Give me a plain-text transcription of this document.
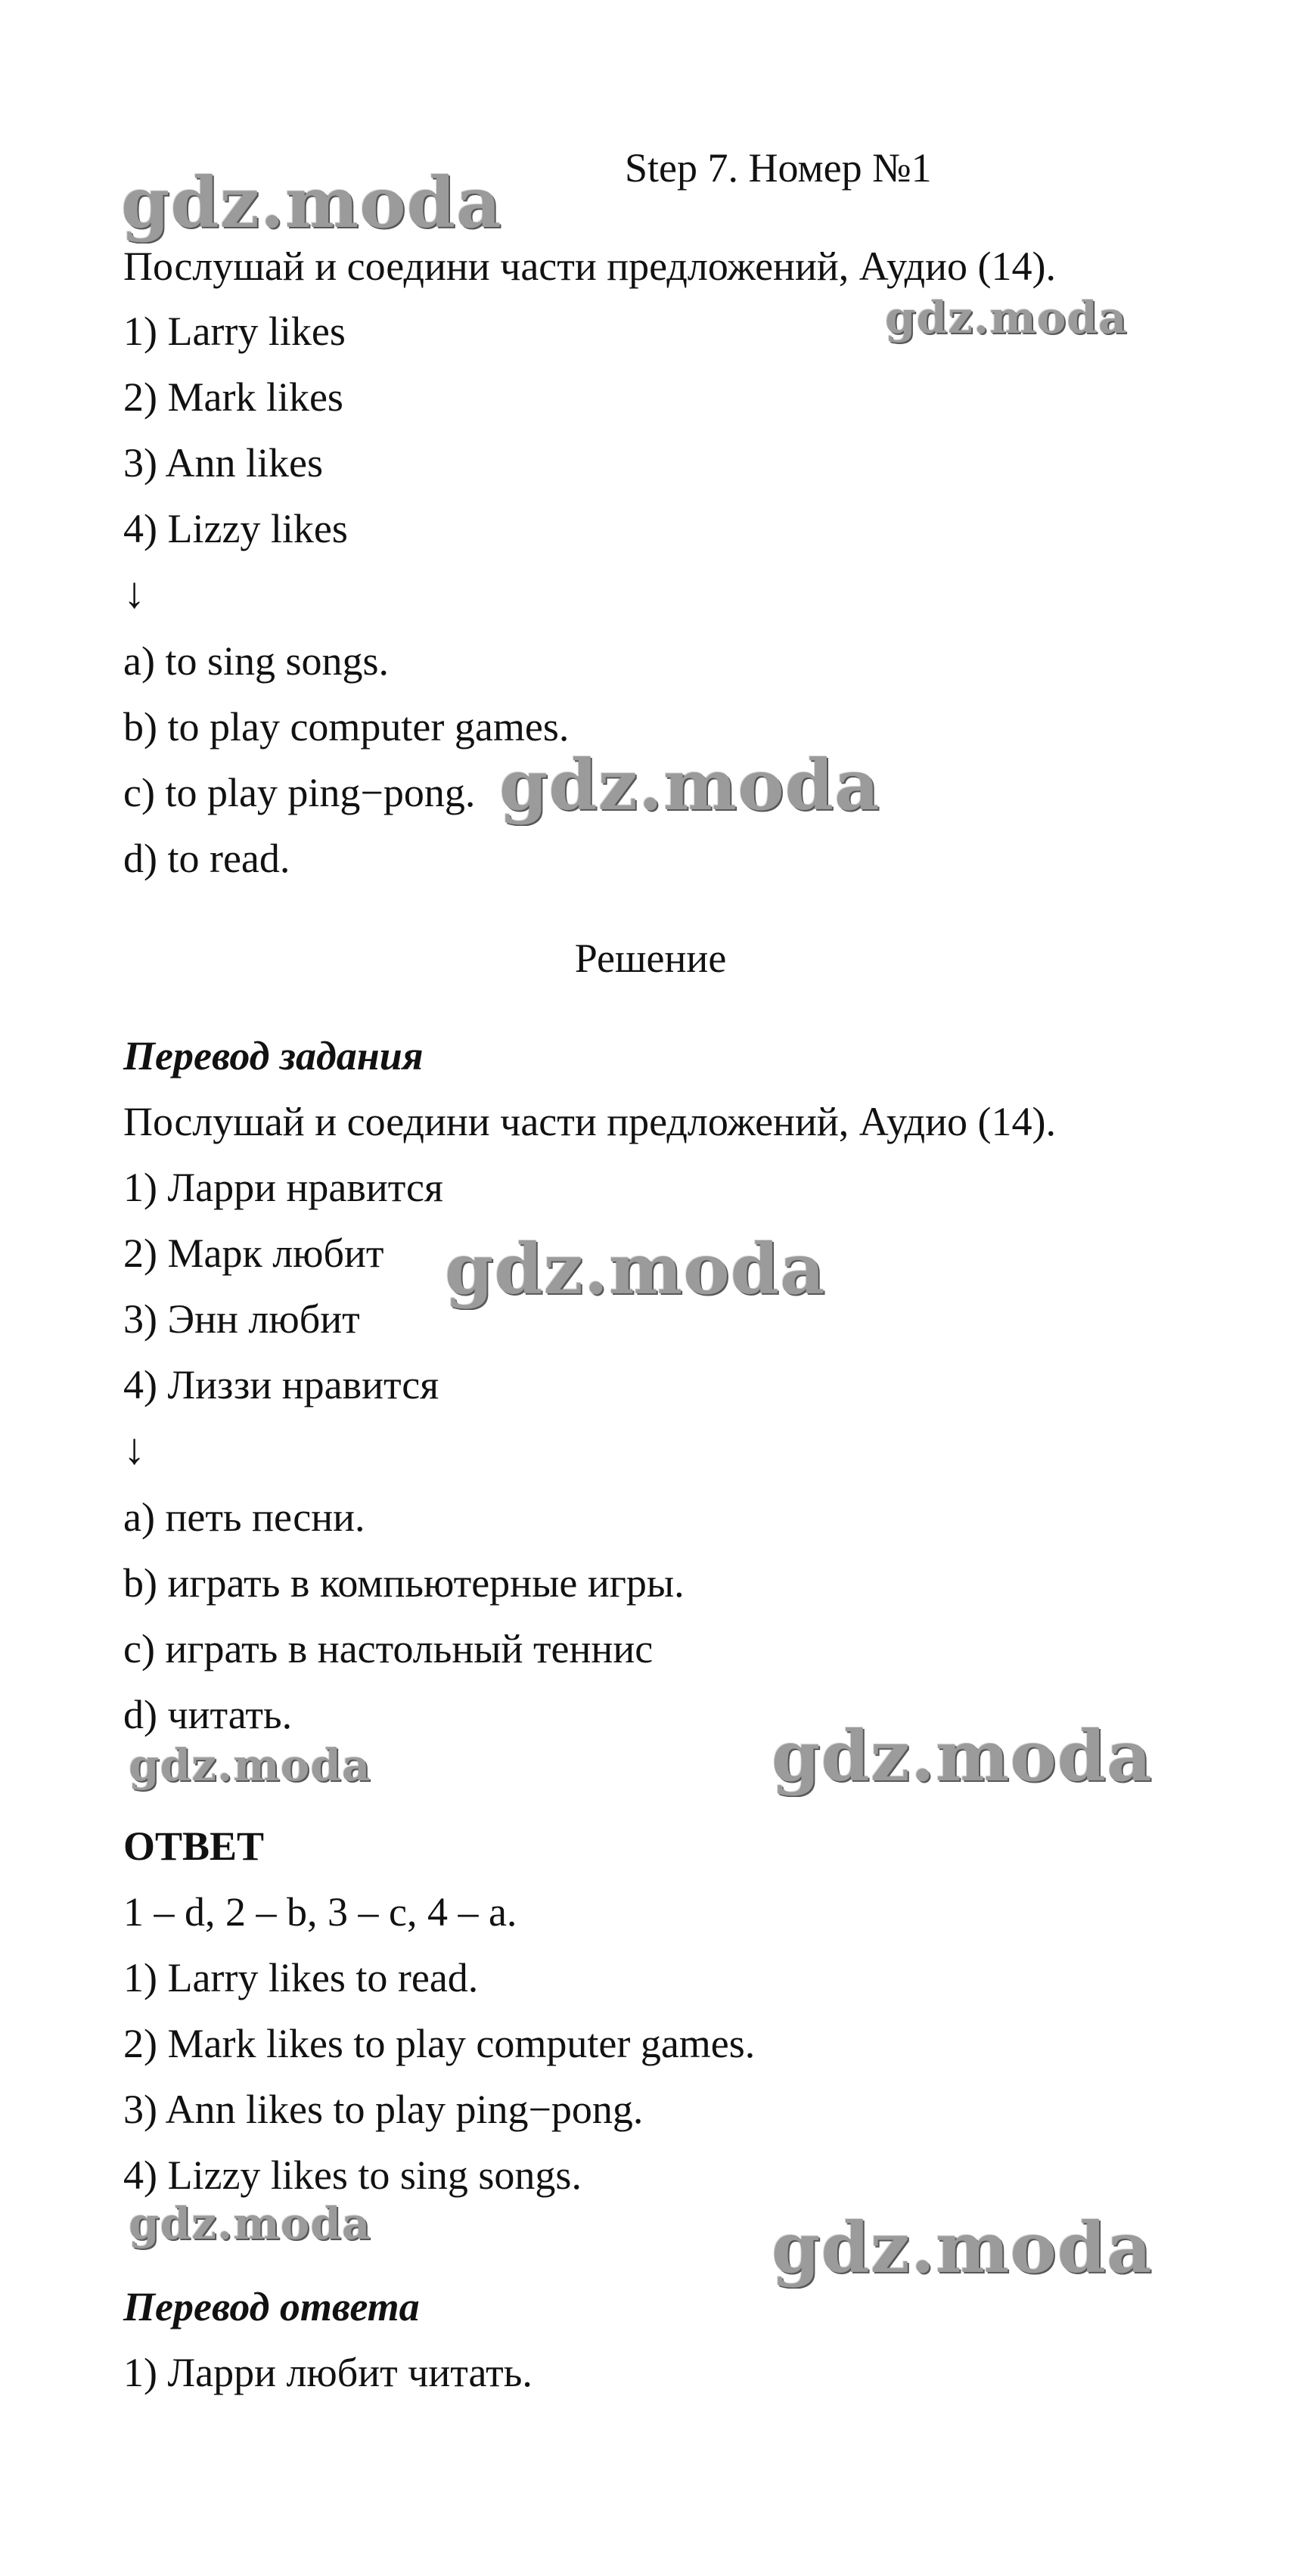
gdz.moda

gdz.moda

gdz.moda

gdz.moda

gdz.moda	gdz.moda

gdz.moda	gdz.moda

Step 7. Номер №1

Послушай и соедини части предложений, Аудио (14).

1) Larry likes

2) Mark likes

3) Ann likes

4) Lizzy likes

↓

a) to sing songs.

b) to play computer games.

c) to play ping−pong.

d) to read.

Решение

Перевод задания

Послушай и соедини части предложений, Аудио (14).

1) Ларри нравится

2) Марк любит

3) Энн любит

4) Лиззи нравится

↓

a) петь песни.

b) играть в компьютерные игры.

c) играть в настольный теннис

d) читать.

ОТВЕТ

1 – d, 2 – b, 3 – c, 4 – a.

1) Larry likes to read.

2) Mark likes to play computer games.

3) Ann likes to play ping−pong.

4) Lizzy likes to sing songs.

Перевод ответа

1) Ларри любит читать.
